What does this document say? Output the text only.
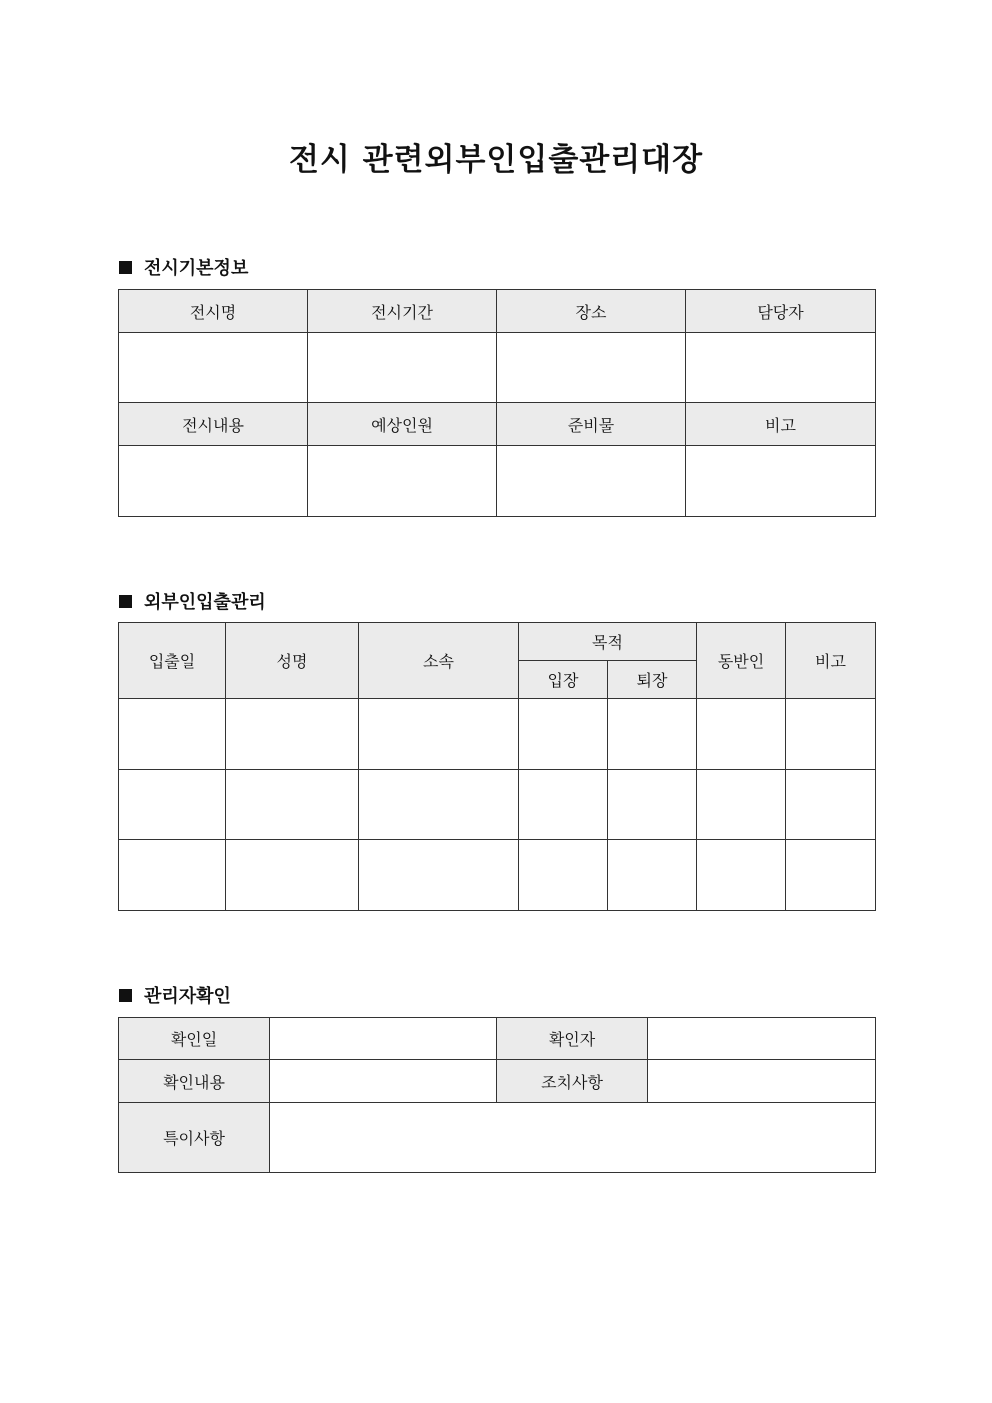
전시 관련외부인입출관리대장
전시기본정보
전시명	전시기간	장소	담당자

전시내용	예상인원	준비물	비고

외부인입출관리
입출일	성명	소속	목적		동반인	비고
			입장	퇴장		

관리자확인
확인일		확인자	
확인내용		조치사항	
특이사항			
